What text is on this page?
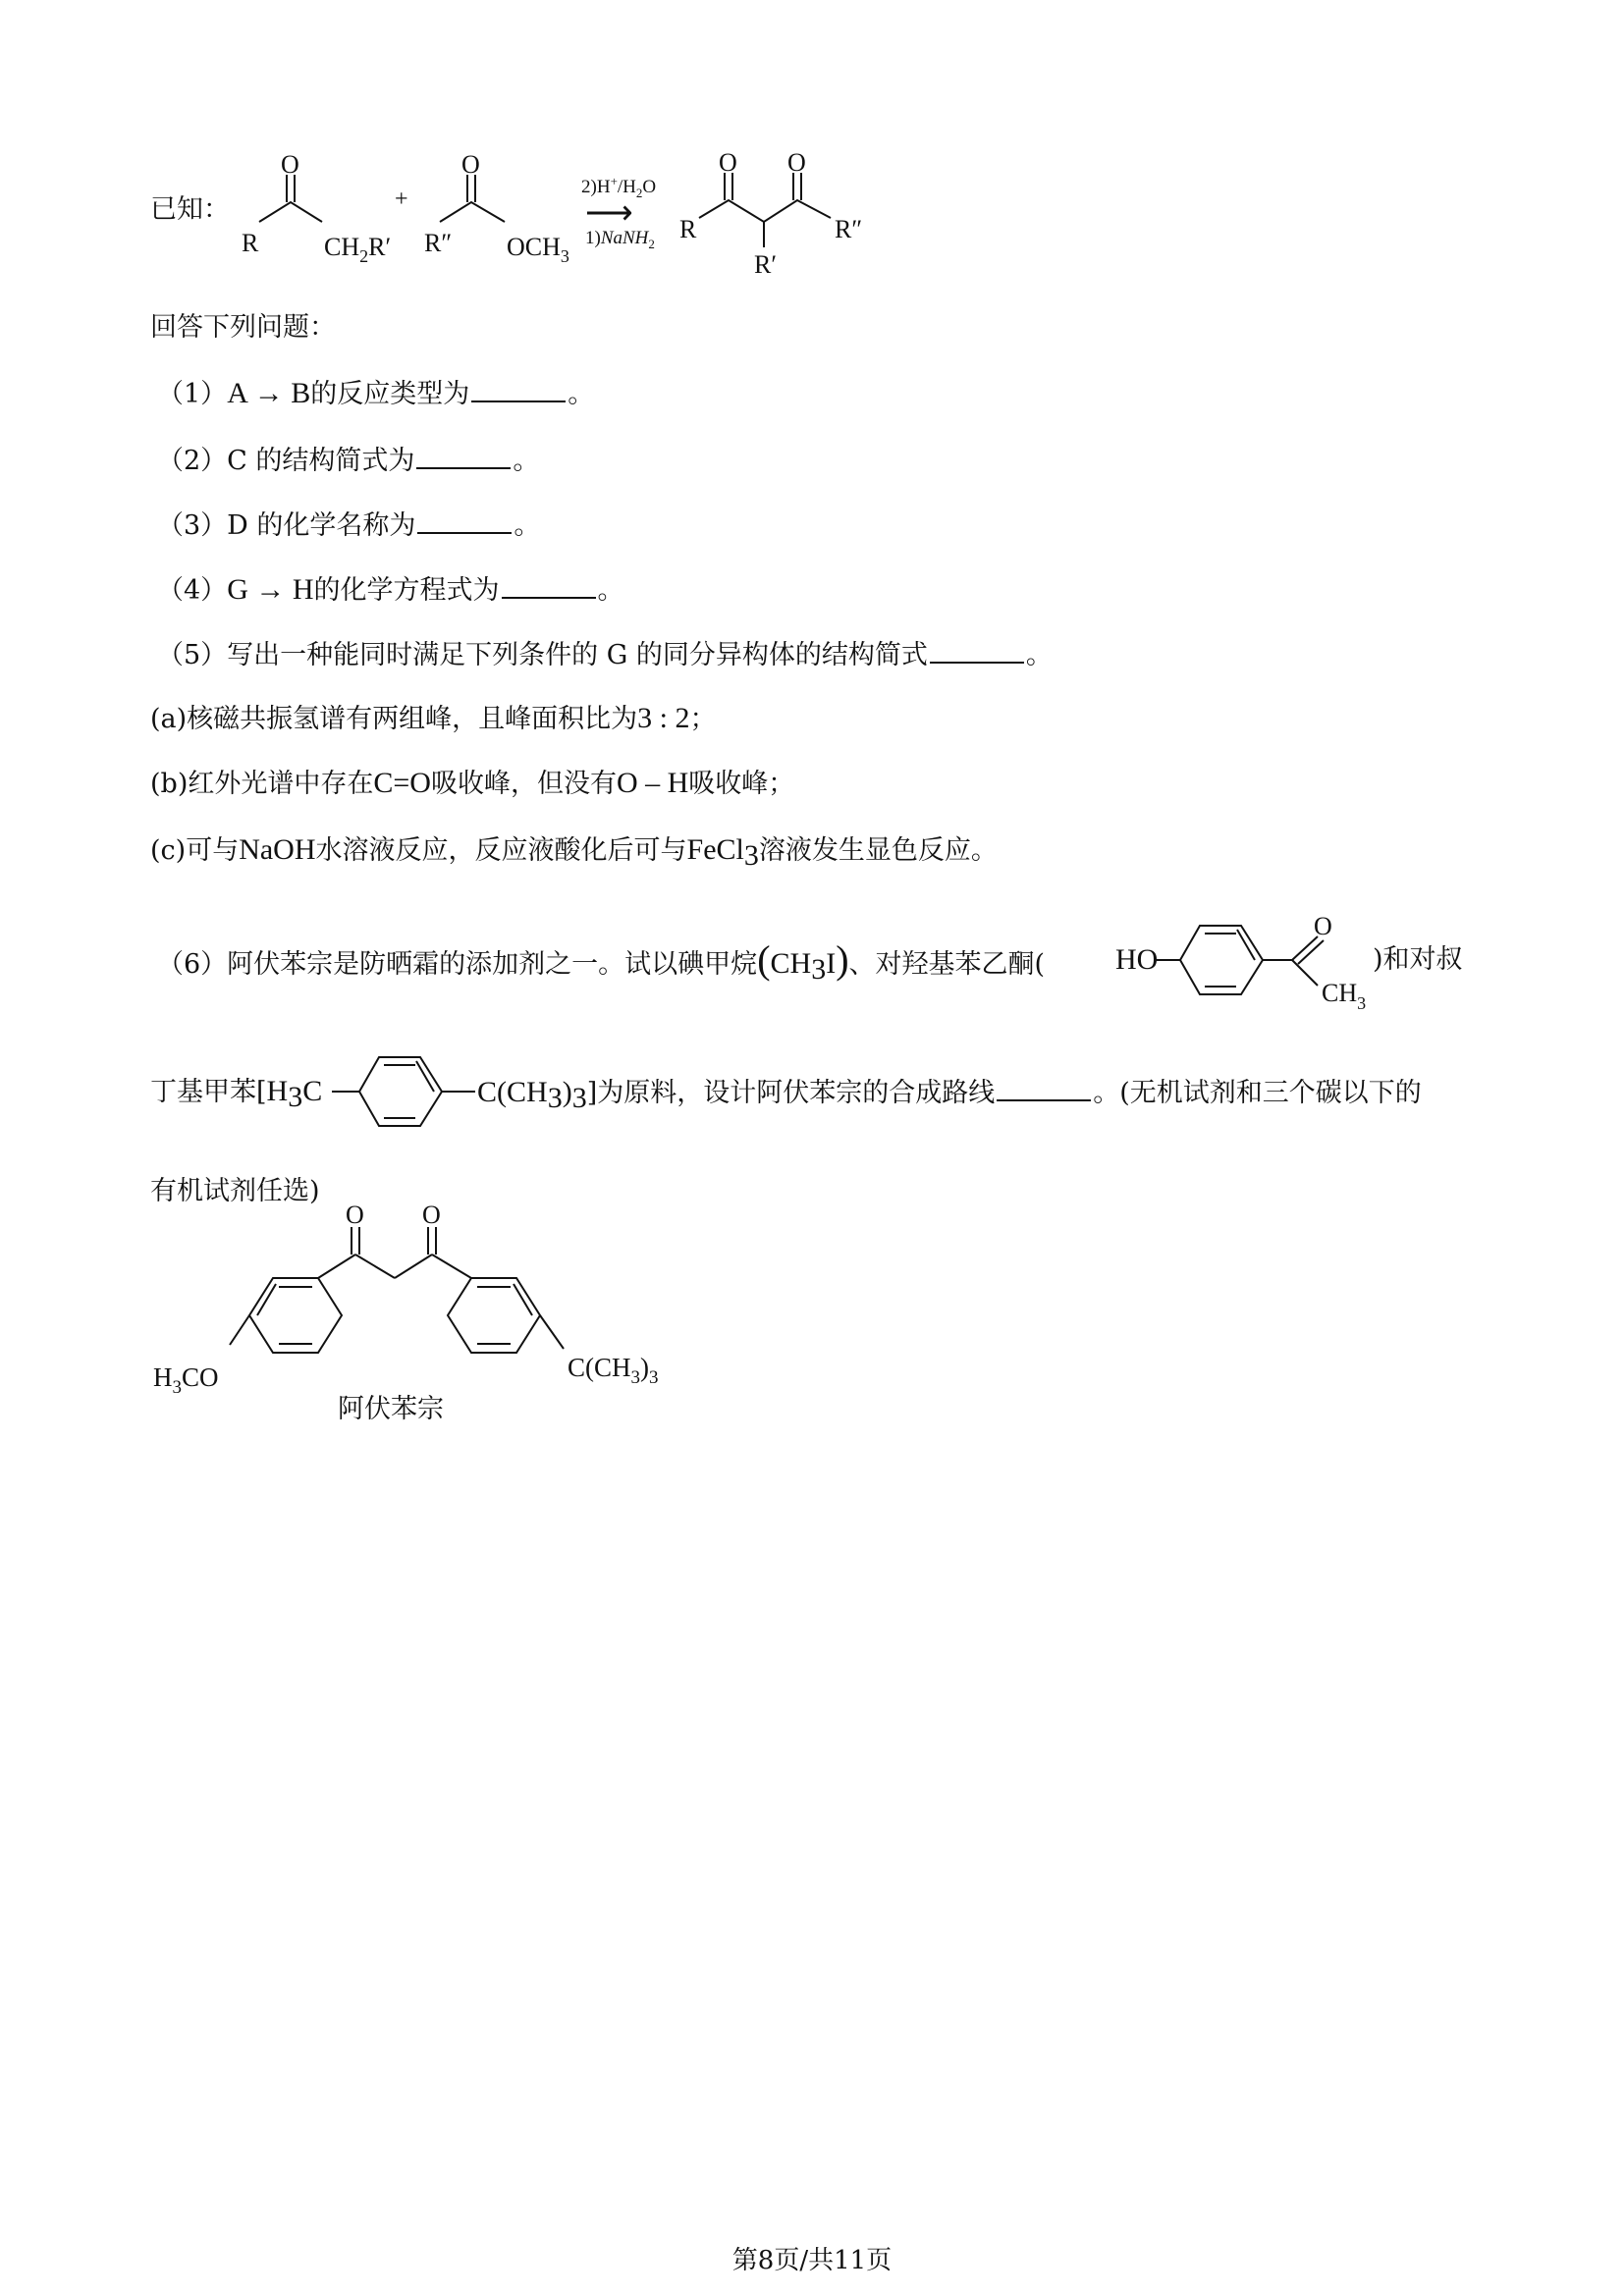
已知：
O
R	$CH_2R'$
+
O
R″ $OCH_3$
$2)H^+/H_2O$
⟶
1)NaNH$_2$
O O
R
R′
R″
回答下列问题：
（1）A → B的反应类型为	。
（2）C 的结构简式为	。
（3）D 的化学名称为	。
（4）G → H的化学方程式为	。
（5）写出一种能同时满足下列条件的 G 的同分异构体的结构简式	。
(a)核磁共振氢谱有两组峰，且峰面积比为3 : 2；
(b)红外光谱中存在C=O吸收峰，但没有O – H吸收峰；
(c)可与NaOH水溶液反应，反应液酸化后可与FeCl$_3$溶液发生显色反应。
（6）阿伏苯宗是防晒霜的添加剂之一。试以碘甲烷$(CH_3I)$、对羟基苯乙酮( HO
O
$CH_3$
)和对叔
丁基甲苯[$H_3C$	$C(CH_3)_3$]为原料，设计阿伏苯宗的合成路线	。(无机试剂和三个碳以下的
有机试剂任选)
O O
$H_3CO$	$C(CH_3)_3$
阿伏苯宗
第8页/共11页
